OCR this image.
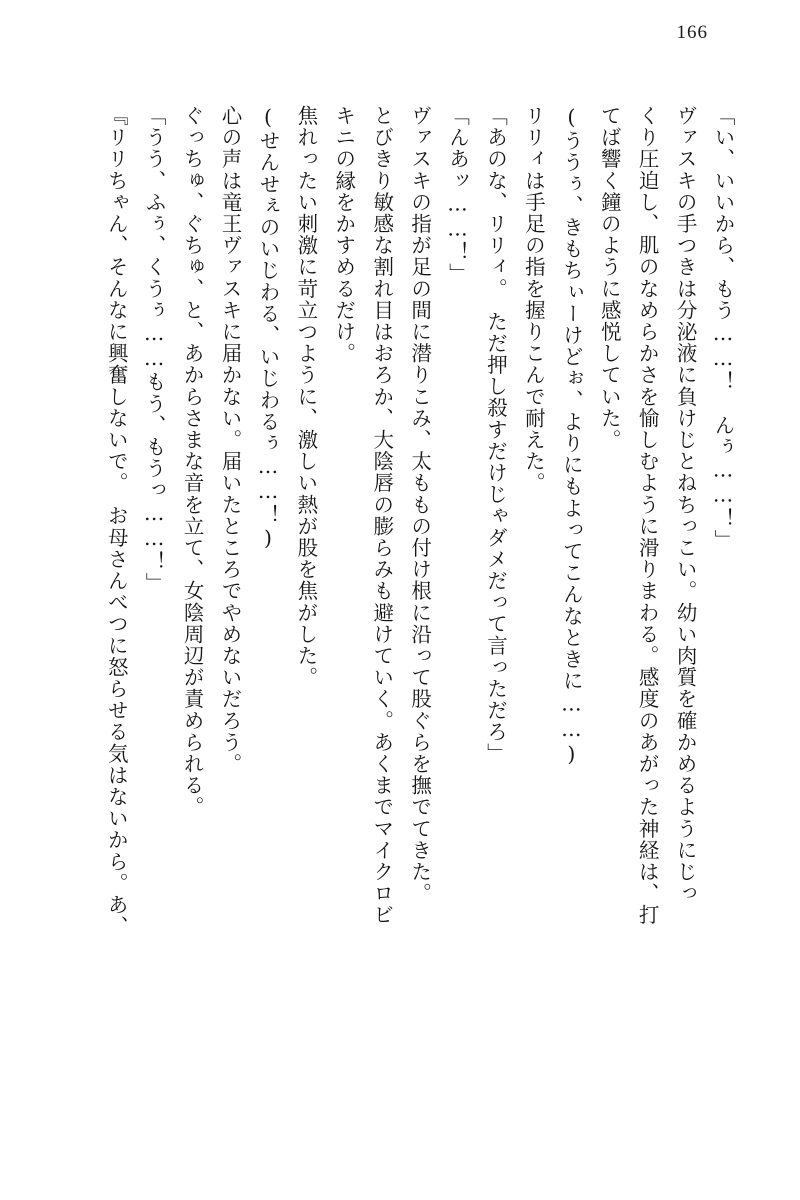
166
「い、いいから、もう……！　んぅ……！」
ヴァスキの手つきは分泌液に負けじとねちっこい。幼い肉質を確かめるようにじっ
くり圧迫し、肌のなめらかさを愉しむように滑りまわる。感度のあがった神経は、打
てば響く鐘のように感悦していた。
(ううぅ、きもちぃーけどぉ、よりにもよってこんなときに……)
リリィは手足の指を握りこんで耐えた。
「あのな、リリィ。　ただ押し殺すだけじゃダメだって言っただろ」
「んあッ……！」
ヴァスキの指が足の間に潜りこみ、太ももの付け根に沿って股ぐらを撫でてきた。
とびきり敏感な割れ目はおろか、大陰唇の膨らみも避けていく。あくまでマイクロビ
キニの縁をかすめるだけ。
焦れったい刺激に苛立つように、激しい熱が股を焦がした。
(せんせぇのいじわる、いじわるぅ……！)
心の声は竜王ヴァスキに届かない。届いたところでやめないだろう。
ぐっちゅ、ぐちゅ、と、あからさまな音を立て、女陰周辺が責められる。
「うう、ふぅ、くうぅ……もう、もうっ……！」
『リリちゃん、そんなに興奮しないで。　お母さんべつに怒らせる気はないから。あ、
